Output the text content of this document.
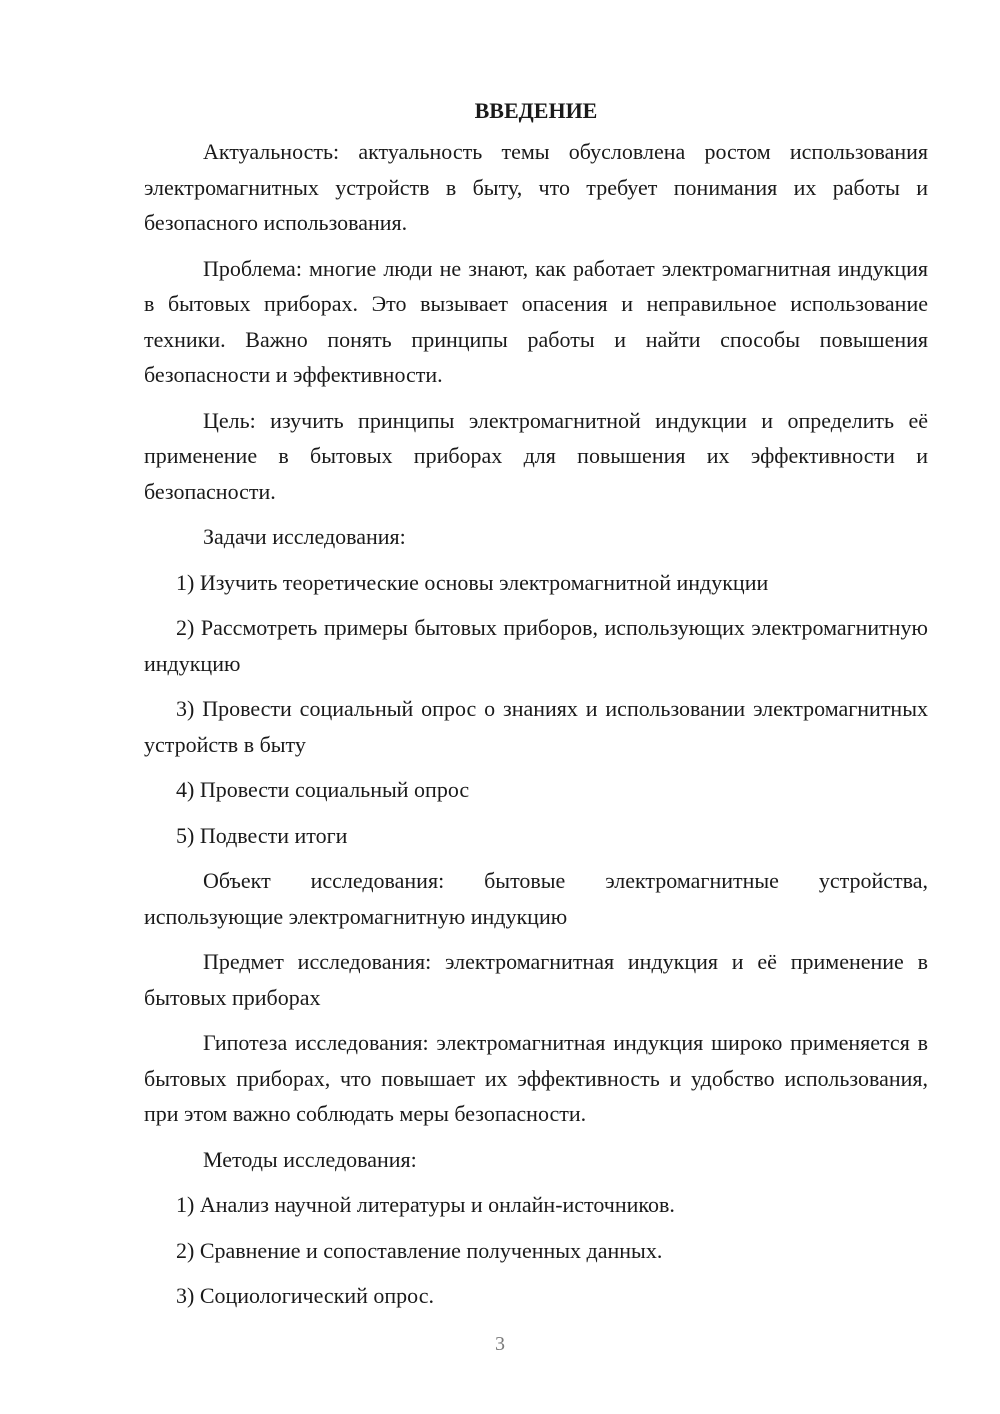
ВВЕДЕНИЕ

Актуальность: актуальность темы обусловлена ростом использования электромагнитных устройств в быту, что требует понимания их работы и безопасного использования.

Проблема: многие люди не знают, как работает электромагнитная индукция в бытовых приборах. Это вызывает опасения и неправильное использование техники. Важно понять принципы работы и найти способы повышения безопасности и эффективности.

Цель: изучить принципы электромагнитной индукции и определить её применение в бытовых приборах для повышения их эффективности и безопасности.

Задачи исследования:

1) Изучить теоретические основы электромагнитной индукции

2) Рассмотреть примеры бытовых приборов, использующих электромагнитную индукцию

3) Провести социальный опрос о знаниях и использовании электромагнитных устройств в быту

4) Провести социальный опрос

5) Подвести итоги

Объект исследования: бытовые электромагнитные устройства, использующие электромагнитную индукцию

Предмет исследования: электромагнитная индукция и её применение в бытовых приборах

Гипотеза исследования: электромагнитная индукция широко применяется в бытовых приборах, что повышает их эффективность и удобство использования, при этом важно соблюдать меры безопасности.

Методы исследования:

1) Анализ научной литературы и онлайн-источников.

2) Сравнение и сопоставление полученных данных.

3) Социологический опрос.

3
